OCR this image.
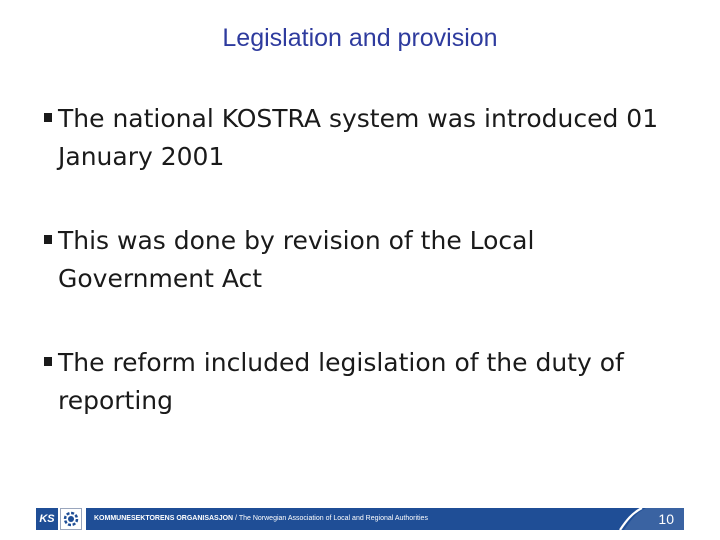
Legislation and provision
The national KOSTRA system was introduced 01 January 2001
This was done by revision of the Local Government Act
The reform included legislation of the duty of reporting
KS	KOMMUNESEKTORENS ORGANISASJON / The Norwegian Association of Local and Regional Authorities	10
